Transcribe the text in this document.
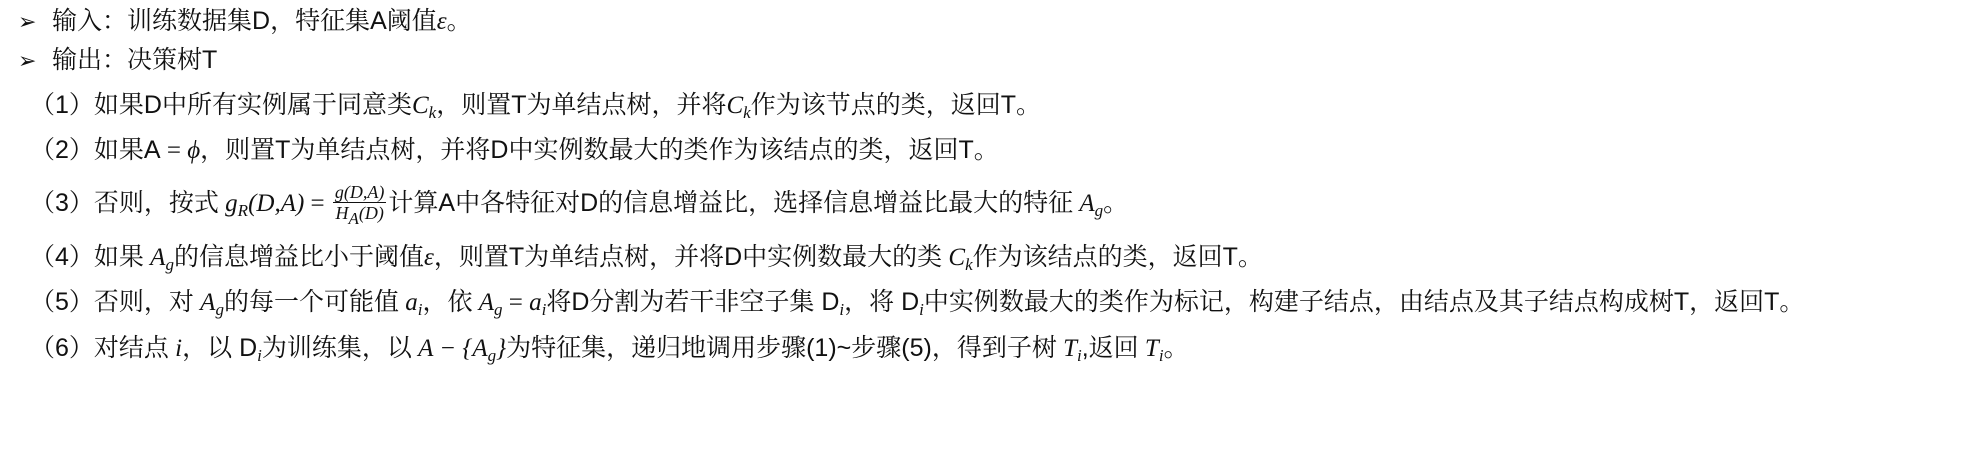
➢ 输入：训练数据集D，特征集A阈值ε。
➢ 输出：决策树T
（1）如果D中所有实例属于同意类$C_k$，则置T为单结点树，并将$C_k$作为该节点的类，返回T。
（2）如果A = ϕ，则置T为单结点树，并将D中实例数最大的类作为该结点的类，返回T。
（3）否则，按式 $g_R(D,A) = \frac{g(D,A)}{H_A(D)}$ 计算A中各特征对D的信息增益比，选择信息增益比最大的特征 $A_g$。
（4）如果 $A_g$的信息增益比小于阈值ε，则置T为单结点树，并将D中实例数最大的类 $C_k$作为该结点的类，返回T。
（5）否则，对 $A_g$的每一个可能值 $a_i$，依 $A_g = a_i$将D分割为若干非空子集 $D_i$，将 $D_i$中实例数最大的类作为标记，构建子结点，由结点及其子结点构成树T，返回T。
（6）对结点 i，以 $D_i$为训练集，以 $A - \{A_g\}$为特征集，递归地调用步骤(1)~步骤(5)，得到子树 $T_i$,返回 $T_i$。
